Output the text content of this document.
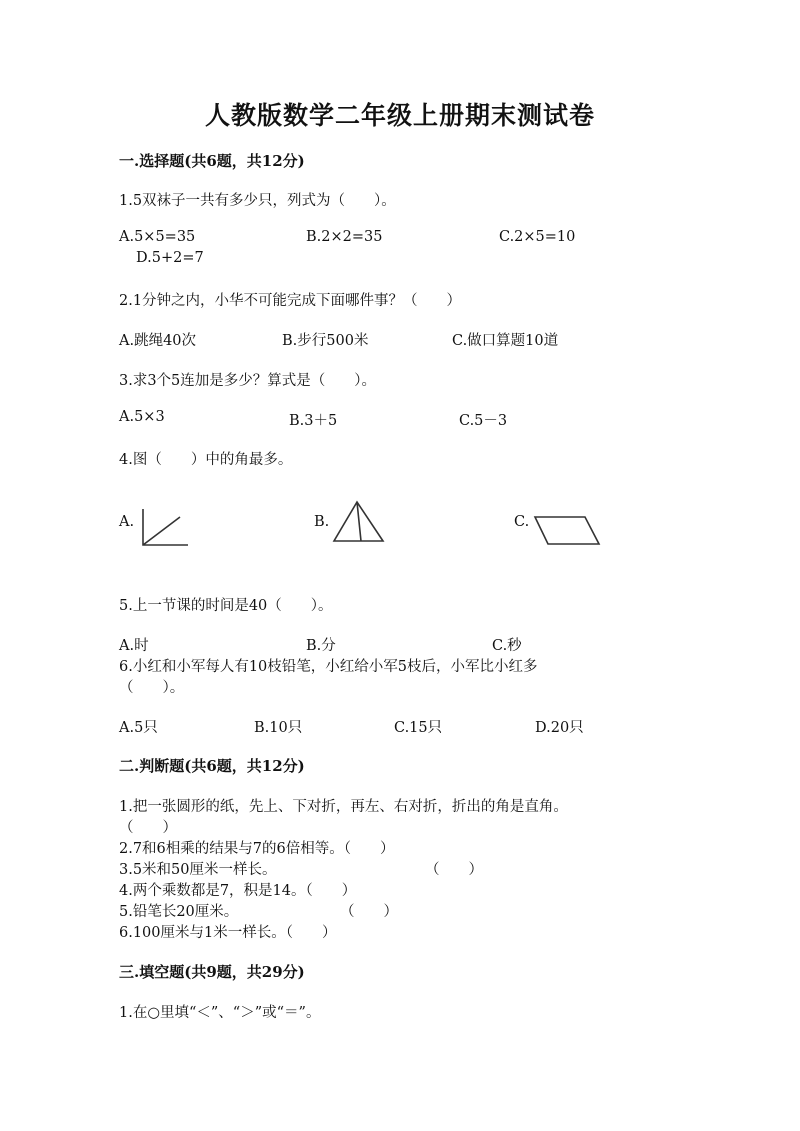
人教版数学二年级上册期末测试卷
一.选择题(共6题，共12分)
1.5双袜子一共有多少只，列式为（　　）。
A.5×5=35	B.2×2=35	C.2×5=10
D.5+2=7
2.1分钟之内，小华不可能完成下面哪件事？（　　）
A.跳绳40次	B.步行500米	C.做口算题10道
3.求3个5连加是多少？算式是（　　）。
A.5×3	B.3＋5	C.5－3
4.图（　　）中的角最多。
A.	B.	C.
5.上一节课的时间是40（　　）。
A.时	B.分	C.秒
6.小红和小军每人有10枝铅笔，小红给小军5枝后，小军比小红多
（　　）。
A.5只	B.10只	C.15只	D.20只
二.判断题(共6题，共12分)
1.把一张圆形的纸，先上、下对折，再左、右对折，折出的角是直角。
（　　）
2.7和6相乘的结果与7的6倍相等。（　　）
3.5米和50厘米一样长。	（　　）
4.两个乘数都是7，积是14。（　　）
5.铅笔长20厘米。	（　　）
6.100厘米与1米一样长。（　　）
三.填空题(共9题，共29分)
1.在○里填“＜”、“＞”或“＝”。
